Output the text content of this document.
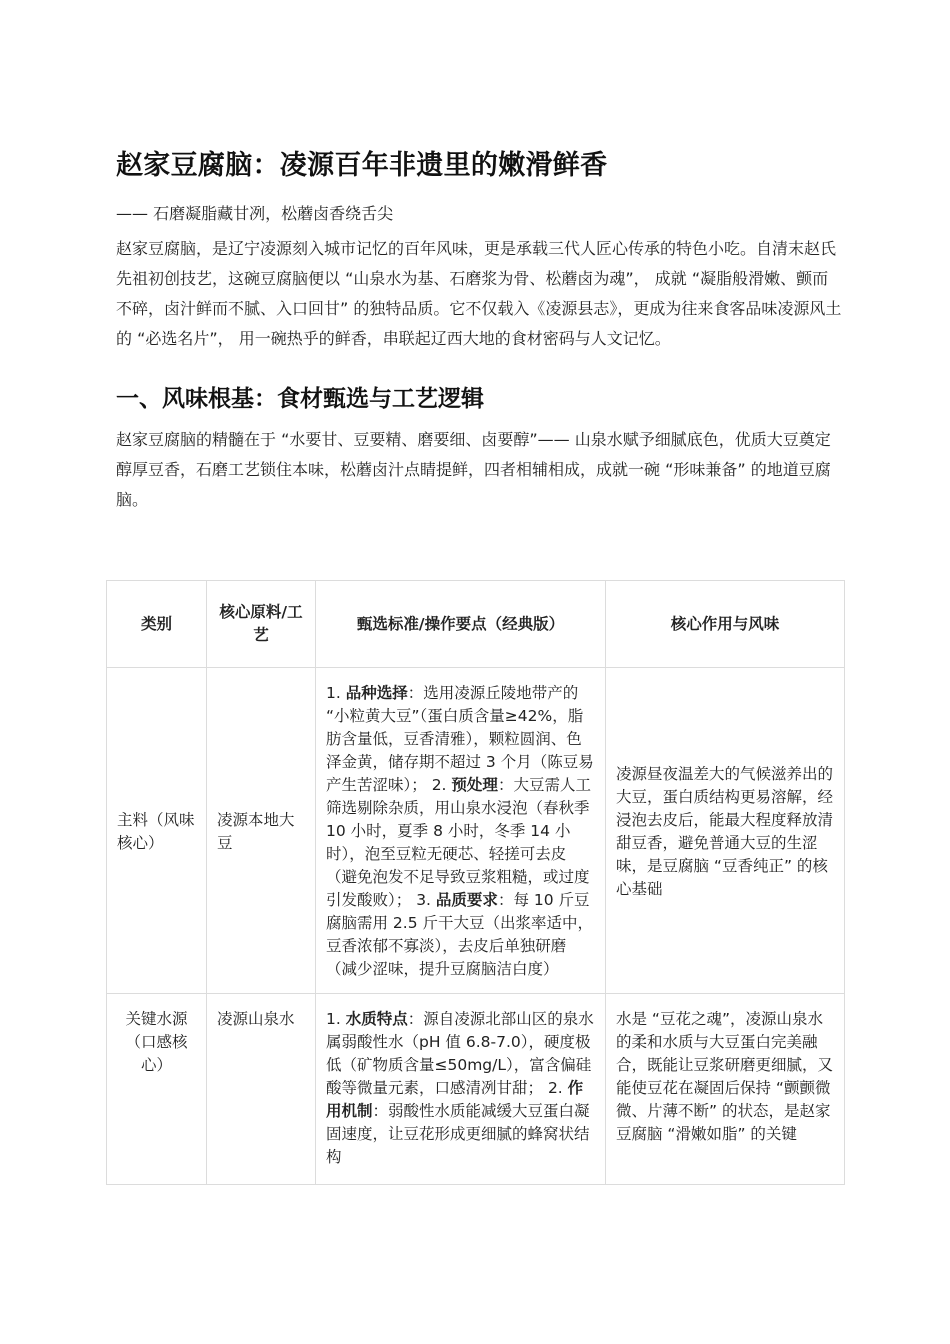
赵家豆腐脑：凌源百年非遗里的嫩滑鲜香
—— 石磨凝脂藏甘冽，松蘑卤香绕舌尖

赵家豆腐脑，是辽宁凌源刻入城市记忆的百年风味，更是承载三代人匠心传承的特色小吃。自清末赵氏先祖初创技艺，这碗豆腐脑便以 “山泉水为基、石磨浆为骨、松蘑卤为魂”， 成就 “凝脂般滑嫩、颤而不碎，卤汁鲜而不腻、入口回甘” 的独特品质。它不仅载入《凌源县志》，更成为往来食客品味凌源风土的 “必选名片”， 用一碗热乎的鲜香，串联起辽西大地的食材密码与人文记忆。

一、风味根基：食材甄选与工艺逻辑

赵家豆腐脑的精髓在于 “水要甘、豆要精、磨要细、卤要醇”—— 山泉水赋予细腻底色，优质大豆奠定醇厚豆香，石磨工艺锁住本味，松蘑卤汁点睛提鲜，四者相辅相成，成就一碗 “形味兼备” 的地道豆腐脑。

类别	核心原料/工艺	甄选标准/操作要点（经典版）	核心作用与风味
主料（风味核心）	凌源本地大豆	1. 品种选择：选用凌源丘陵地带产的 “小粒黄大豆”（蛋白质含量≥42%，脂肪含量低，豆香清雅），颗粒圆润、色泽金黄，储存期不超过 3 个月（陈豆易产生苦涩味）； 2. 预处理：大豆需人工筛选剔除杂质，用山泉水浸泡（春秋季 10 小时，夏季 8 小时，冬季 14 小时），泡至豆粒无硬芯、轻搓可去皮（避免泡发不足导致豆浆粗糙，或过度引发酸败）； 3. 品质要求：每 10 斤豆腐脑需用 2.5 斤干大豆（出浆率适中，豆香浓郁不寡淡），去皮后单独研磨（减少涩味，提升豆腐脑洁白度）	凌源昼夜温差大的气候滋养出的大豆，蛋白质结构更易溶解，经浸泡去皮后，能最大程度释放清甜豆香，避免普通大豆的生涩味，是豆腐脑 “豆香纯正” 的核心基础
关键水源（口感核心）	凌源山泉水	1. 水质特点：源自凌源北部山区的泉水属弱酸性水（pH 值 6.8-7.0），硬度极低（矿物质含量≤50mg/L），富含偏硅酸等微量元素，口感清冽甘甜； 2. 作用机制：弱酸性水质能减缓大豆蛋白凝固速度，让豆花形成更细腻的蜂窝状结构	水是 “豆花之魂”，凌源山泉水的柔和水质与大豆蛋白完美融合，既能让豆浆研磨更细腻，又能使豆花在凝固后保持 “颤颤微微、片薄不断” 的状态，是赵家豆腐脑 “滑嫩如脂” 的关键
